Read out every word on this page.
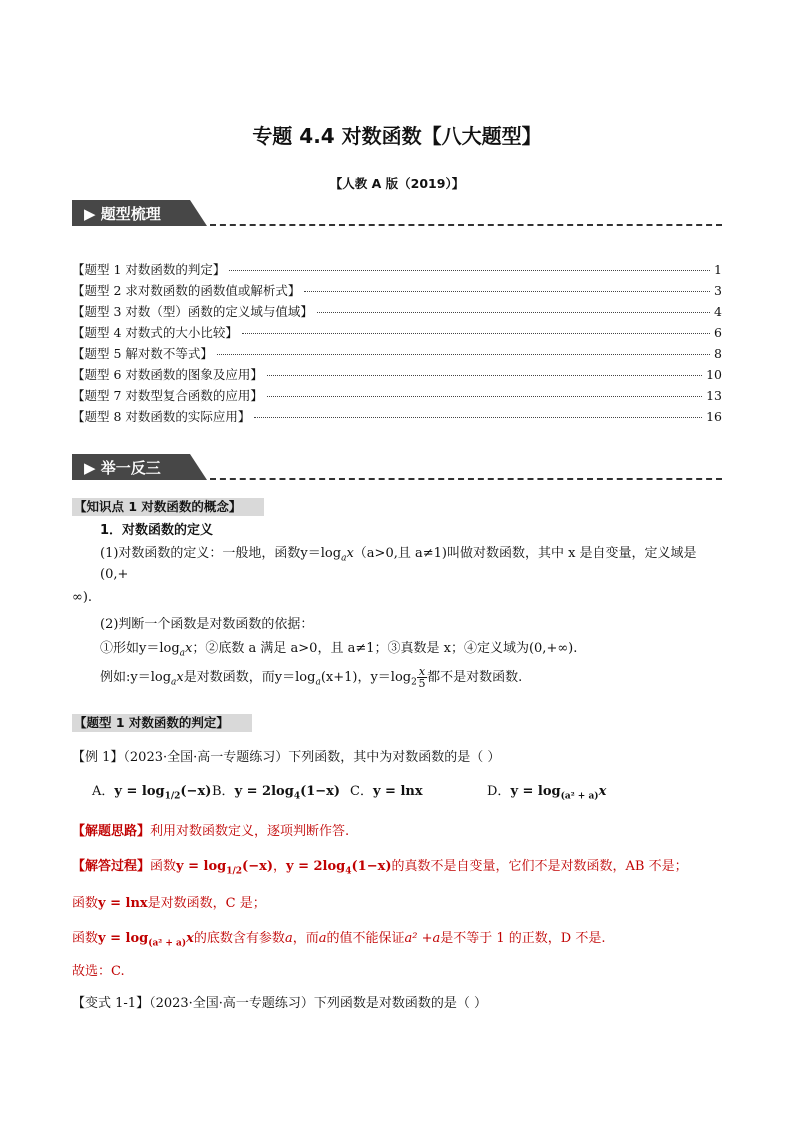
专题 4.4 对数函数【八大题型】
【人教 A 版（2019）】
▶ 题型梳理
【题型 1 对数函数的判定】	1
【题型 2 求对数函数的函数值或解析式】	3
【题型 3 对数（型）函数的定义域与值域】	4
【题型 4 对数式的大小比较】	6
【题型 5 解对数不等式】	8
【题型 6 对数函数的图象及应用】	10
【题型 7 对数型复合函数的应用】	13
【题型 8 对数函数的实际应用】	16
▶ 举一反三
【知识点 1 对数函数的概念】
1．对数函数的定义
(1)对数函数的定义：一般地，函数$y=\log_ax(a>0$,且 a≠1)叫做对数函数，其中 x 是自变量，定义域是
(0,+
∞).
(2)判断一个函数是对数函数的依据：
①形如$y=\log_ax$；②底数 a 满足 a>0，且 a≠1；③真数是 x；④定义域为(0,+∞).
例如$:y=\log_ax$是对数函数，而$y=\log_a(x+1)$，$y=\log_2 \frac{x}{5}$ 都不是对数函数.
【题型 1 对数函数的判定】
【例 1】（2023·全国·高一专题练习）下列函数，其中为对数函数的是（ ）
A．$y = \log_{1/2}(-x)$ B．$y = 2\log_4(1-x)$ C．y = lnx	D．$y = \log_{(a^2 + a)}x$
【解题思路】利用对数函数定义，逐项判断作答.
【解答过程】函数$y = \log_{1/2}(-x)$，$y = 2\log_4(1-x)$的真数不是自变量，它们不是对数函数，AB 不是；
函数y = lnx是对数函数，C 是；
函数$y = \log_{(a^2 + a)}x$的底数含有参数a，而a的值不能保证a² +a是不等于 1 的正数，D 不是.
故选：C.
【变式 1-1】（2023·全国·高一专题练习）下列函数是对数函数的是（ ）
